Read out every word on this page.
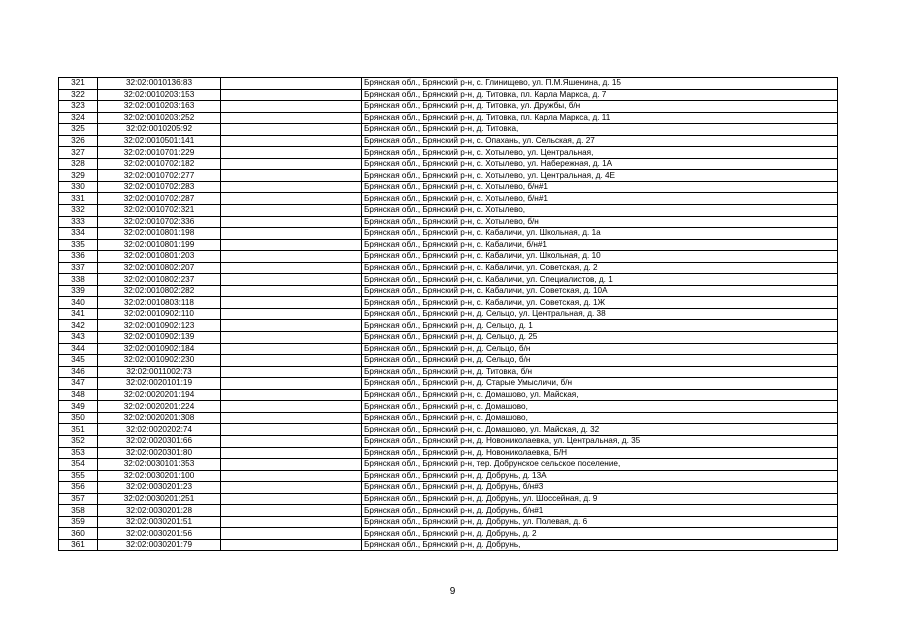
321	32:02:0010136:83		Брянская обл., Брянский р-н, с. Глинищево, ул. П.М.Яшенина, д. 15
322	32:02:0010203:153		Брянская обл., Брянский р-н, д. Титовка, пл. Карла Маркса, д. 7
323	32:02:0010203:163		Брянская обл., Брянский р-н, д. Титовка, ул. Дружбы, б/н
324	32:02:0010203:252		Брянская обл., Брянский р-н, д. Титовка, пл. Карла Маркса, д. 11
325	32:02:0010205:92		Брянская обл., Брянский р-н, д. Титовка,
326	32:02:0010501:141		Брянская обл., Брянский р-н, с. Опахань, ул. Сельская, д. 27
327	32:02:0010701:229		Брянская обл., Брянский р-н, с. Хотылево, ул. Центральная,
328	32:02:0010702:182		Брянская обл., Брянский р-н, с. Хотылево, ул. Набережная, д. 1А
329	32:02:0010702:277		Брянская обл., Брянский р-н, с. Хотылево, ул. Центральная, д. 4Е
330	32:02:0010702:283		Брянская обл., Брянский р-н, с. Хотылево, б/н#1
331	32:02:0010702:287		Брянская обл., Брянский р-н, с. Хотылево, б/н#1
332	32:02:0010702:321		Брянская обл., Брянский р-н, с. Хотылево,
333	32:02:0010702:336		Брянская обл., Брянский р-н, с. Хотылево, б/н
334	32:02:0010801:198		Брянская обл., Брянский р-н, с. Кабаличи, ул. Школьная, д. 1а
335	32:02:0010801:199		Брянская обл., Брянский р-н, с. Кабаличи, б/н#1
336	32:02:0010801:203		Брянская обл., Брянский р-н, с. Кабаличи, ул. Школьная, д. 10
337	32:02:0010802:207		Брянская обл., Брянский р-н, с. Кабаличи, ул. Советская, д. 2
338	32:02:0010802:237		Брянская обл., Брянский р-н, с. Кабаличи, ул. Специалистов, д. 1
339	32:02:0010802:282		Брянская обл., Брянский р-н, с. Кабаличи, ул. Советская, д. 10А
340	32:02:0010803:118		Брянская обл., Брянский р-н, с. Кабаличи, ул. Советская, д. 1Ж
341	32:02:0010902:110		Брянская обл., Брянский р-н, д. Сельцо, ул. Центральная, д. 38
342	32:02:0010902:123		Брянская обл., Брянский р-н, д. Сельцо, д. 1
343	32:02:0010902:139		Брянская обл., Брянский р-н, д. Сельцо, д. 25
344	32:02:0010902:184		Брянская обл., Брянский р-н, д. Сельцо, б/н
345	32:02:0010902:230		Брянская обл., Брянский р-н, д. Сельцо, б/н
346	32:02:0011002:73		Брянская обл., Брянский р-н, д. Титовка, б/н
347	32:02:0020101:19		Брянская обл., Брянский р-н, д. Старые Умысличи, б/н
348	32:02:0020201:194		Брянская обл., Брянский р-н, с. Домашово, ул. Майская,
349	32:02:0020201:224		Брянская обл., Брянский р-н, с. Домашово,
350	32:02:0020201:308		Брянская обл., Брянский р-н, с. Домашово,
351	32:02:0020202:74		Брянская обл., Брянский р-н, с. Домашово, ул. Майская, д. 32
352	32:02:0020301:66		Брянская обл., Брянский р-н, д. Новониколаевка, ул. Центральная, д. 35
353	32:02:0020301:80		Брянская обл., Брянский р-н, д. Новониколаевка, Б/Н
354	32:02:0030101:353		Брянская обл., Брянский р-н, тер. Добрунское сельское поселение,
355	32:02:0030201:100		Брянская обл., Брянский р-н, д. Добрунь, д. 13А
356	32:02:0030201:23		Брянская обл., Брянский р-н, д. Добрунь, б/н#3
357	32:02:0030201:251		Брянская обл., Брянский р-н, д. Добрунь, ул. Шоссейная, д. 9
358	32:02:0030201:28		Брянская обл., Брянский р-н, д. Добрунь, б/н#1
359	32:02:0030201:51		Брянская обл., Брянский р-н, д. Добрунь, ул. Полевая, д. 6
360	32:02:0030201:56		Брянская обл., Брянский р-н, д. Добрунь, д. 2
361	32:02:0030201:79		Брянская обл., Брянский р-н, д. Добрунь,
9
